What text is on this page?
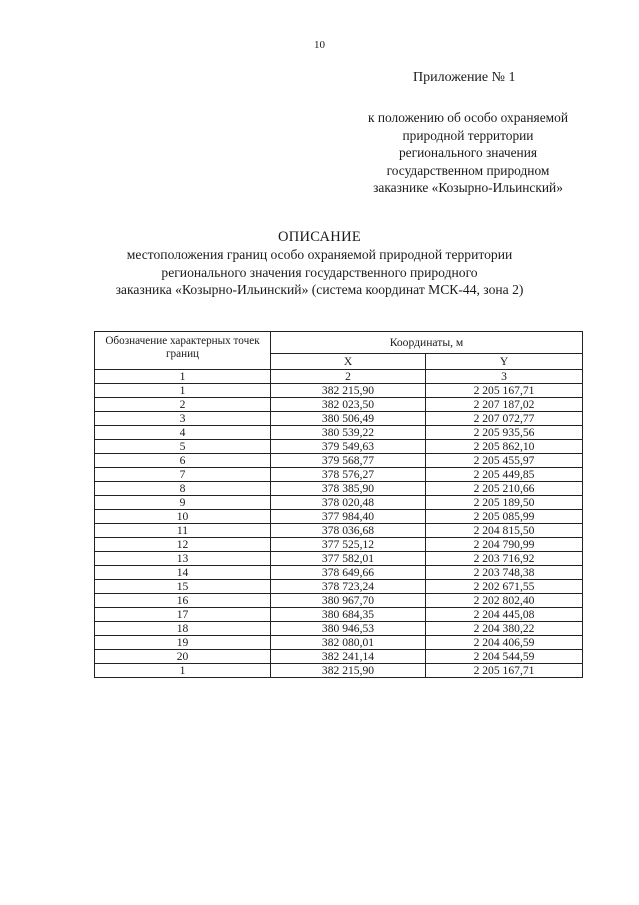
10
Приложение № 1
к положению об особо охраняемой
природной территории
регионального значения
государственном природном
заказнике «Козырно-Ильинский»
ОПИСАНИЕ
местоположения границ особо охраняемой природной территории
регионального значения государственного природного
заказника «Козырно-Ильинский» (система координат МСК-44, зона 2)
Обозначение характерных точек границ	Координаты, м	
	X	Y
1	2	3
1	382 215,90	2 205 167,71
2	382 023,50	2 207 187,02
3	380 506,49	2 207 072,77
4	380 539,22	2 205 935,56
5	379 549,63	2 205 862,10
6	379 568,77	2 205 455,97
7	378 576,27	2 205 449,85
8	378 385,90	2 205 210,66
9	378 020,48	2 205 189,50
10	377 984,40	2 205 085,99
11	378 036,68	2 204 815,50
12	377 525,12	2 204 790,99
13	377 582,01	2 203 716,92
14	378 649,66	2 203 748,38
15	378 723,24	2 202 671,55
16	380 967,70	2 202 802,40
17	380 684,35	2 204 445,08
18	380 946,53	2 204 380,22
19	382 080,01	2 204 406,59
20	382 241,14	2 204 544,59
1	382 215,90	2 205 167,71
